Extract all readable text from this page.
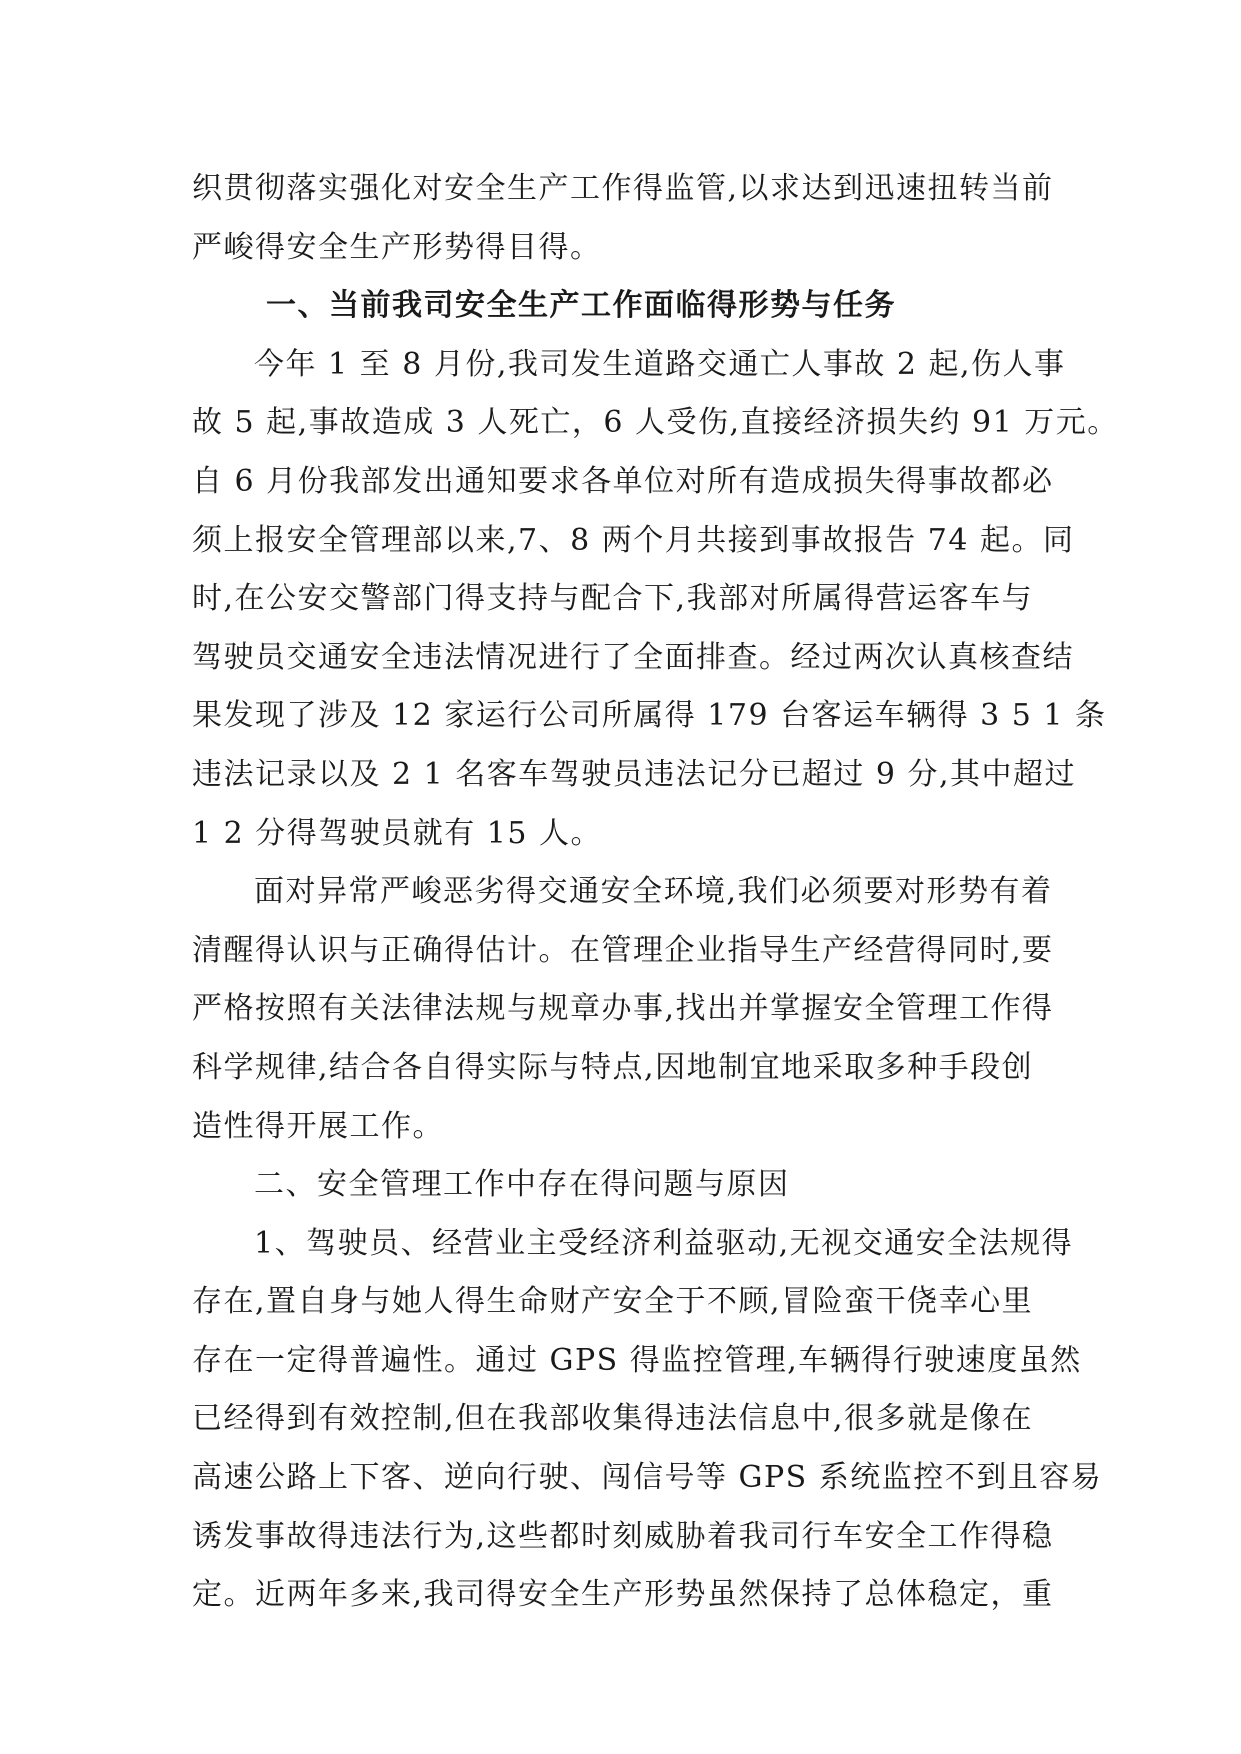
织贯彻落实强化对安全生产工作得监管,以求达到迅速扭转当前
严峻得安全生产形势得目得。
一、当前我司安全生产工作面临得形势与任务
今年 1 至 8 月份,我司发生道路交通亡人事故 2 起,伤人事
故 5 起,事故造成 3 人死亡，6 人受伤,直接经济损失约 91 万元。
自 6 月份我部发出通知要求各单位对所有造成损失得事故都必
须上报安全管理部以来,7、8 两个月共接到事故报告 74 起。同
时,在公安交警部门得支持与配合下,我部对所属得营运客车与
驾驶员交通安全违法情况进行了全面排查。经过两次认真核查结
果发现了涉及 12 家运行公司所属得 179 台客运车辆得 3 5 1 条
违法记录以及 2 1 名客车驾驶员违法记分已超过 9 分,其中超过
1 2 分得驾驶员就有 15 人。
面对异常严峻恶劣得交通安全环境,我们必须要对形势有着
清醒得认识与正确得估计。在管理企业指导生产经营得同时,要
严格按照有关法律法规与规章办事,找出并掌握安全管理工作得
科学规律,结合各自得实际与特点,因地制宜地采取多种手段创
造性得开展工作。
二、安全管理工作中存在得问题与原因
1、驾驶员、经营业主受经济利益驱动,无视交通安全法规得
存在,置自身与她人得生命财产安全于不顾,冒险蛮干侥幸心里
存在一定得普遍性。通过 GPS 得监控管理,车辆得行驶速度虽然
已经得到有效控制,但在我部收集得违法信息中,很多就是像在
高速公路上下客、逆向行驶、闯信号等 GPS 系统监控不到且容易
诱发事故得违法行为,这些都时刻威胁着我司行车安全工作得稳
定。近两年多来,我司得安全生产形势虽然保持了总体稳定，重
